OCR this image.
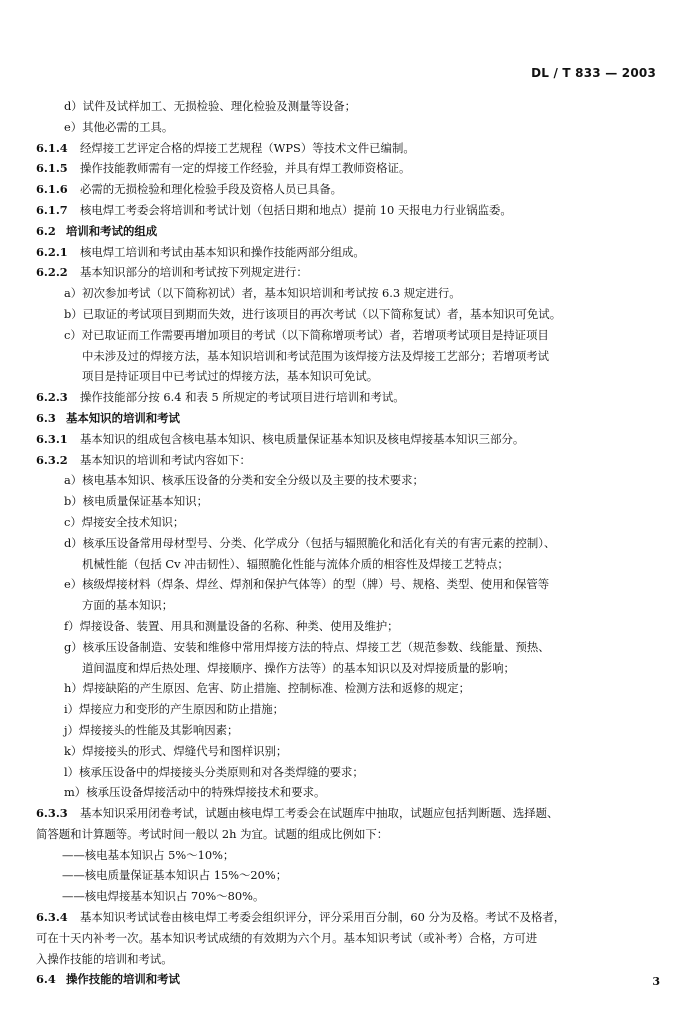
DL / T 833 — 2003
d）试件及试样加工、无损检验、理化检验及测量等设备；
e）其他必需的工具。
6.1.4 经焊接工艺评定合格的焊接工艺规程（WPS）等技术文件已编制。
6.1.5 操作技能教师需有一定的焊接工作经验，并具有焊工教师资格证。
6.1.6 必需的无损检验和理化检验手段及资格人员已具备。
6.1.7 核电焊工考委会将培训和考试计划（包括日期和地点）提前 10 天报电力行业锅监委。
6.2 培训和考试的组成
6.2.1 核电焊工培训和考试由基本知识和操作技能两部分组成。
6.2.2 基本知识部分的培训和考试按下列规定进行：
a）初次参加考试（以下简称初试）者，基本知识培训和考试按 6.3 规定进行。
b）已取证的考试项目到期而失效，进行该项目的再次考试（以下简称复试）者，基本知识可免试。
c）对已取证而工作需要再增加项目的考试（以下简称增项考试）者，若增项考试项目是持证项目
中未涉及过的焊接方法，基本知识培训和考试范围为该焊接方法及焊接工艺部分；若增项考试
项目是持证项目中已考试过的焊接方法，基本知识可免试。
6.2.3 操作技能部分按 6.4 和表 5 所规定的考试项目进行培训和考试。
6.3 基本知识的培训和考试
6.3.1 基本知识的组成包含核电基本知识、核电质量保证基本知识及核电焊接基本知识三部分。
6.3.2 基本知识的培训和考试内容如下：
a）核电基本知识、核承压设备的分类和安全分级以及主要的技术要求；
b）核电质量保证基本知识；
c）焊接安全技术知识；
d）核承压设备常用母材型号、分类、化学成分（包括与辐照脆化和活化有关的有害元素的控制）、
机械性能（包括 Cv 冲击韧性）、辐照脆化性能与流体介质的相容性及焊接工艺特点；
e）核级焊接材料（焊条、焊丝、焊剂和保护气体等）的型（牌）号、规格、类型、使用和保管等
方面的基本知识；
f）焊接设备、装置、用具和测量设备的名称、种类、使用及维护；
g）核承压设备制造、安装和维修中常用焊接方法的特点、焊接工艺（规范参数、线能量、预热、
道间温度和焊后热处理、焊接顺序、操作方法等）的基本知识以及对焊接质量的影响；
h）焊接缺陷的产生原因、危害、防止措施、控制标准、检测方法和返修的规定；
i）焊接应力和变形的产生原因和防止措施；
j）焊接接头的性能及其影响因素；
k）焊接接头的形式、焊缝代号和图样识别；
l）核承压设备中的焊接接头分类原则和对各类焊缝的要求；
m）核承压设备焊接活动中的特殊焊接技术和要求。
6.3.3 基本知识采用闭卷考试，试题由核电焊工考委会在试题库中抽取，试题应包括判断题、选择题、
简答题和计算题等。考试时间一般以 2h 为宜。试题的组成比例如下：
——核电基本知识占 5%～10%；
——核电质量保证基本知识占 15%～20%；
——核电焊接基本知识占 70%～80%。
6.3.4 基本知识考试试卷由核电焊工考委会组织评分，评分采用百分制，60 分为及格。考试不及格者，
可在十天内补考一次。基本知识考试成绩的有效期为六个月。基本知识考试（或补考）合格，方可进
入操作技能的培训和考试。
6.4 操作技能的培训和考试	3
